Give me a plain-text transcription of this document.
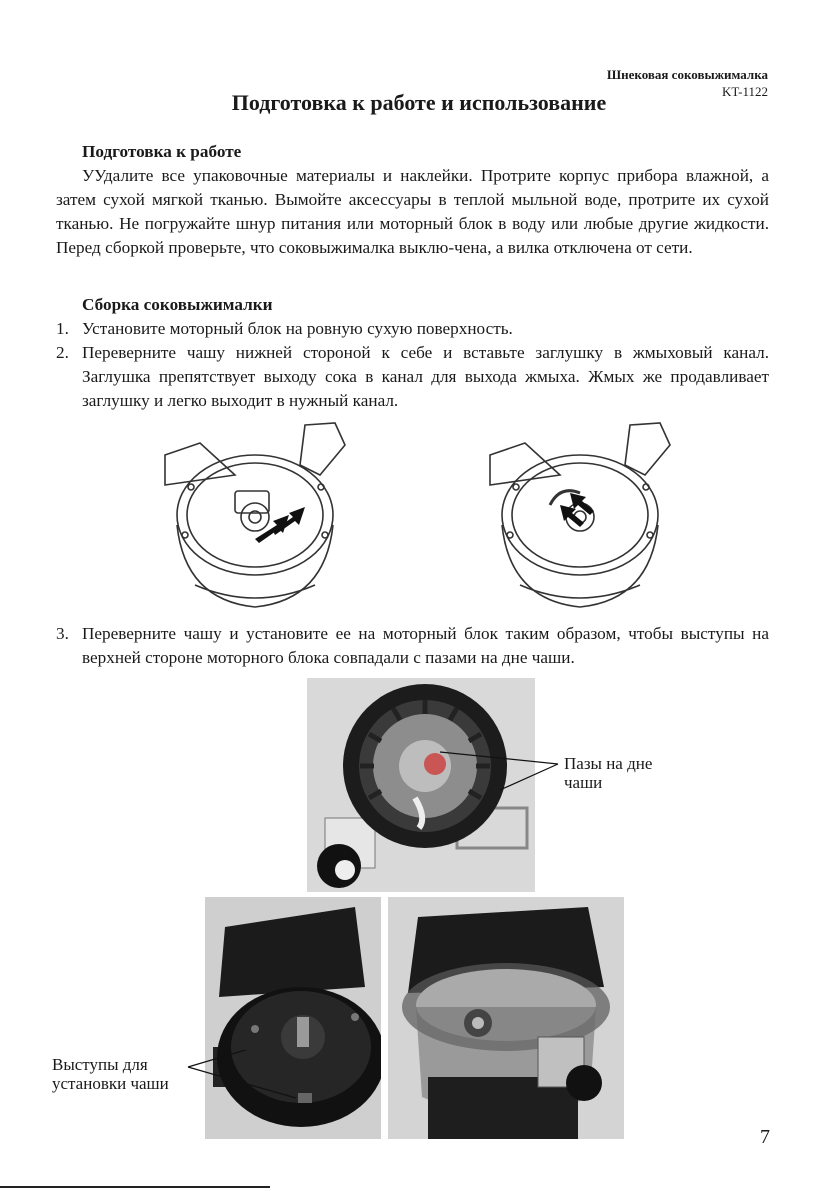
Шнековая соковыжималка
KT-1122
Подготовка к работе и использование
Подготовка к работе

УУдалите все упаковочные материалы и наклейки. Протрите корпус прибора влажной, а затем сухой мягкой тканью. Вымойте аксессуары в теплой мыльной воде, протрите их сухой тканью. Не погружайте шнур питания или моторный блок в воду или любые другие жидкости. Перед сборкой проверьте, что соковыжималка выклю-чена, а вилка отключена от сети.

Сборка соковыжималки
1. Установите моторный блок на ровную сухую поверхность.
2. Переверните чашу нижней стороной к себе и вставьте заглушку в жмыховый канал. Заглушка препятствует выходу сока в канал для выхода жмыха. Жмых же продавливает заглушку и легко выходит в нужный канал.
3. Переверните чашу и установите ее на моторный блок таким образом, чтобы выступы на верхней стороне моторного блока совпадали с пазами на дне чаши.
Пазы на дне
чаши
Выступы для
установки чаши
7
